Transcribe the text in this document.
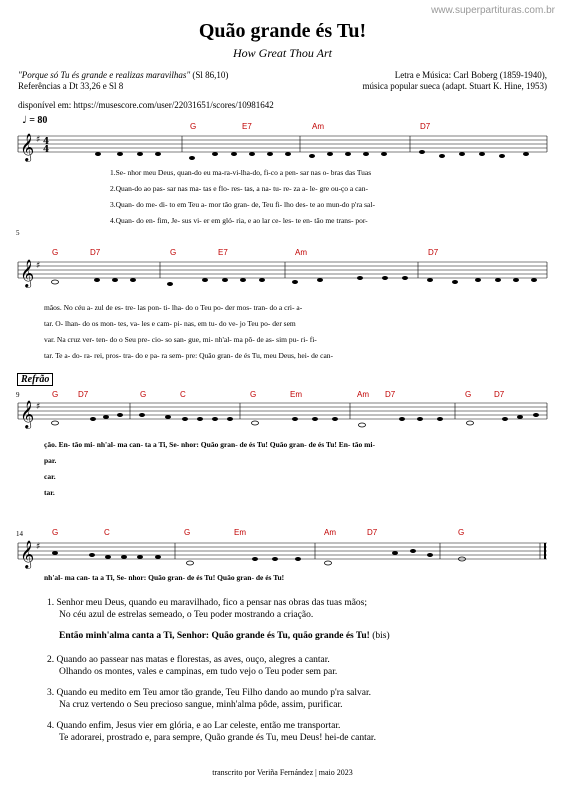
www.superpartituras.com.br
Quão grande és Tu!
How Great Thou Art
"Porque só Tu és grande e realizas maravilhas" (Sl 86,10)
Referências a Dt 33,26 e Sl 8
Letra e Música: Carl Boberg (1859-1940),
música popular sueca (adapt. Stuart K. Hine, 1953)
disponível em: https://musescore.com/user/22031651/scores/10981642
♩ = 80
Refrão
5
9
14
𝄞
𝄞
𝄞
𝄞
♯
♯
♯
♯
4
4
G	E7	Am	D7
1.Se- nhor meu Deus, quan-do eu ma-ra-vi-lha-do, fi-co a pen- sar nas o- bras das Tuas
2.Quan-do ao pas- sar nas ma- tas e flo- res- tas, a na- tu- re- za a- le- gre ou-ço a can-
3.Quan- do me- di- to em Teu a- mor tão gran- de, Teu fi- lho des- te ao mun-do p'ra sal-
4.Quan- do en- fim, Je- sus vi- er em gló- ria, e ao lar ce- les- te en- tão me trans- por-
G	D7	G	E7	Am	D7
mãos. No céu a- zul de es- tre- las pon- ti- lha- do o Teu po- der mos- tran- do a cri- a-
tar. O- lhan- do os mon- tes, va- les e cam- pi- nas, em tu- do ve- jo Teu po- der sem
var. Na cruz ver- ten- do o Seu pre- cio- so san- gue, mi- nh'al- ma pô- de as- sim pu- ri- fi-
tar. Te a- do- ra- rei, pros- tra- do e pa- ra sem- pre: Quão gran- de és Tu, meu Deus, hei- de can-
G D7	G	C	G	Em	Am D7	G	D7
ção. En- tão mi- nh'al- ma can- ta a Ti, Se- nhor: Quão gran- de és Tu! Quão gran- de és Tu! En- tão mi-
par.
car.
tar.
G	C	G	Em	Am	D7	G
nh'al- ma can- ta a Ti, Se- nhor: Quão gran- de és Tu! Quão gran- de és Tu!

1. Senhor meu Deus, quando eu maravilhado, fico a pensar nas obras das tuas mãos;
No céu azul de estrelas semeado, o Teu poder mostrando a criação.

Então minh'alma canta a Ti, Senhor: Quão grande és Tu, quão grande és Tu! (bis)

2. Quando ao passear nas matas e florestas, as aves, ouço, alegres a cantar.
Olhando os montes, vales e campinas, em tudo vejo o Teu poder sem par.

3. Quando eu medito em Teu amor tão grande, Teu Filho dando ao mundo p'ra salvar.
Na cruz vertendo o Seu precioso sangue, minh'alma pôde, assim, purificar.

4. Quando enfim, Jesus vier em glória, e ao Lar celeste, então me transportar.
Te adorarei, prostrado e, para sempre, Quão grande és Tu, meu Deus! hei-de cantar.

transcrito por Veriña Fernández | maio 2023
